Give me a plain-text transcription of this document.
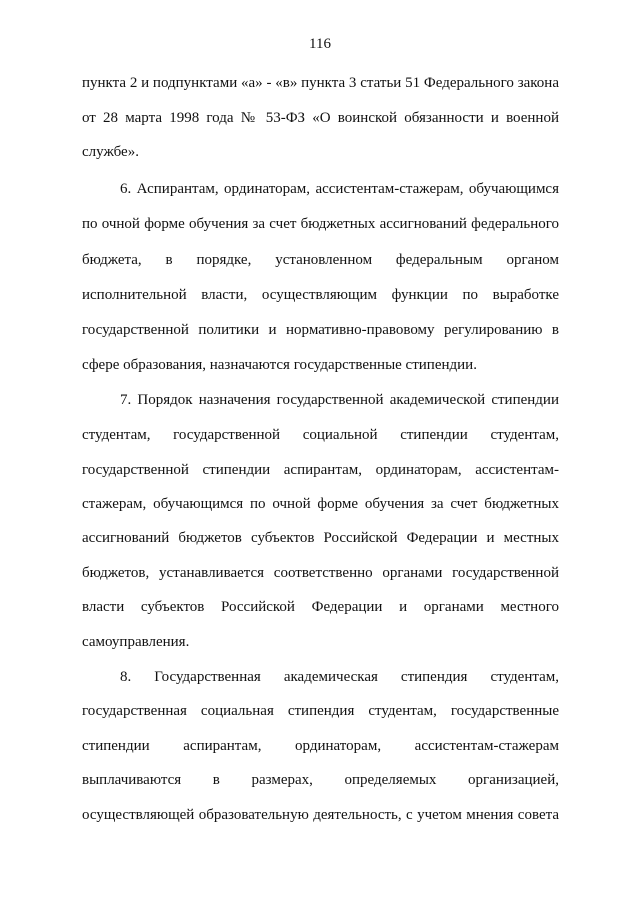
116
пункта 2 и подпунктами «а» - «в» пункта 3 статьи 51 Федерального закона
от 28 марта 1998 года № 53-ФЗ «О воинской обязанности и военной
службе».
6. Аспирантам, ординаторам, ассистентам-стажерам, обучающимся
по очной форме обучения за счет бюджетных ассигнований федерального
бюджета, в порядке, установленном федеральным органом
исполнительной власти, осуществляющим функции по выработке
государственной политики и нормативно-правовому регулированию в
сфере образования, назначаются государственные стипендии.
7. Порядок назначения государственной академической стипендии
студентам, государственной социальной стипендии студентам,
государственной стипендии аспирантам, ординаторам, ассистентам-
стажерам, обучающимся по очной форме обучения за счет бюджетных
ассигнований бюджетов субъектов Российской Федерации и местных
бюджетов, устанавливается соответственно органами государственной
власти субъектов Российской Федерации и органами местного
самоуправления.
8. Государственная академическая стипендия студентам,
государственная социальная стипендия студентам, государственные
стипендии аспирантам, ординаторам, ассистентам-стажерам
выплачиваются в размерах, определяемых организацией,
осуществляющей образовательную деятельность, с учетом мнения совета
